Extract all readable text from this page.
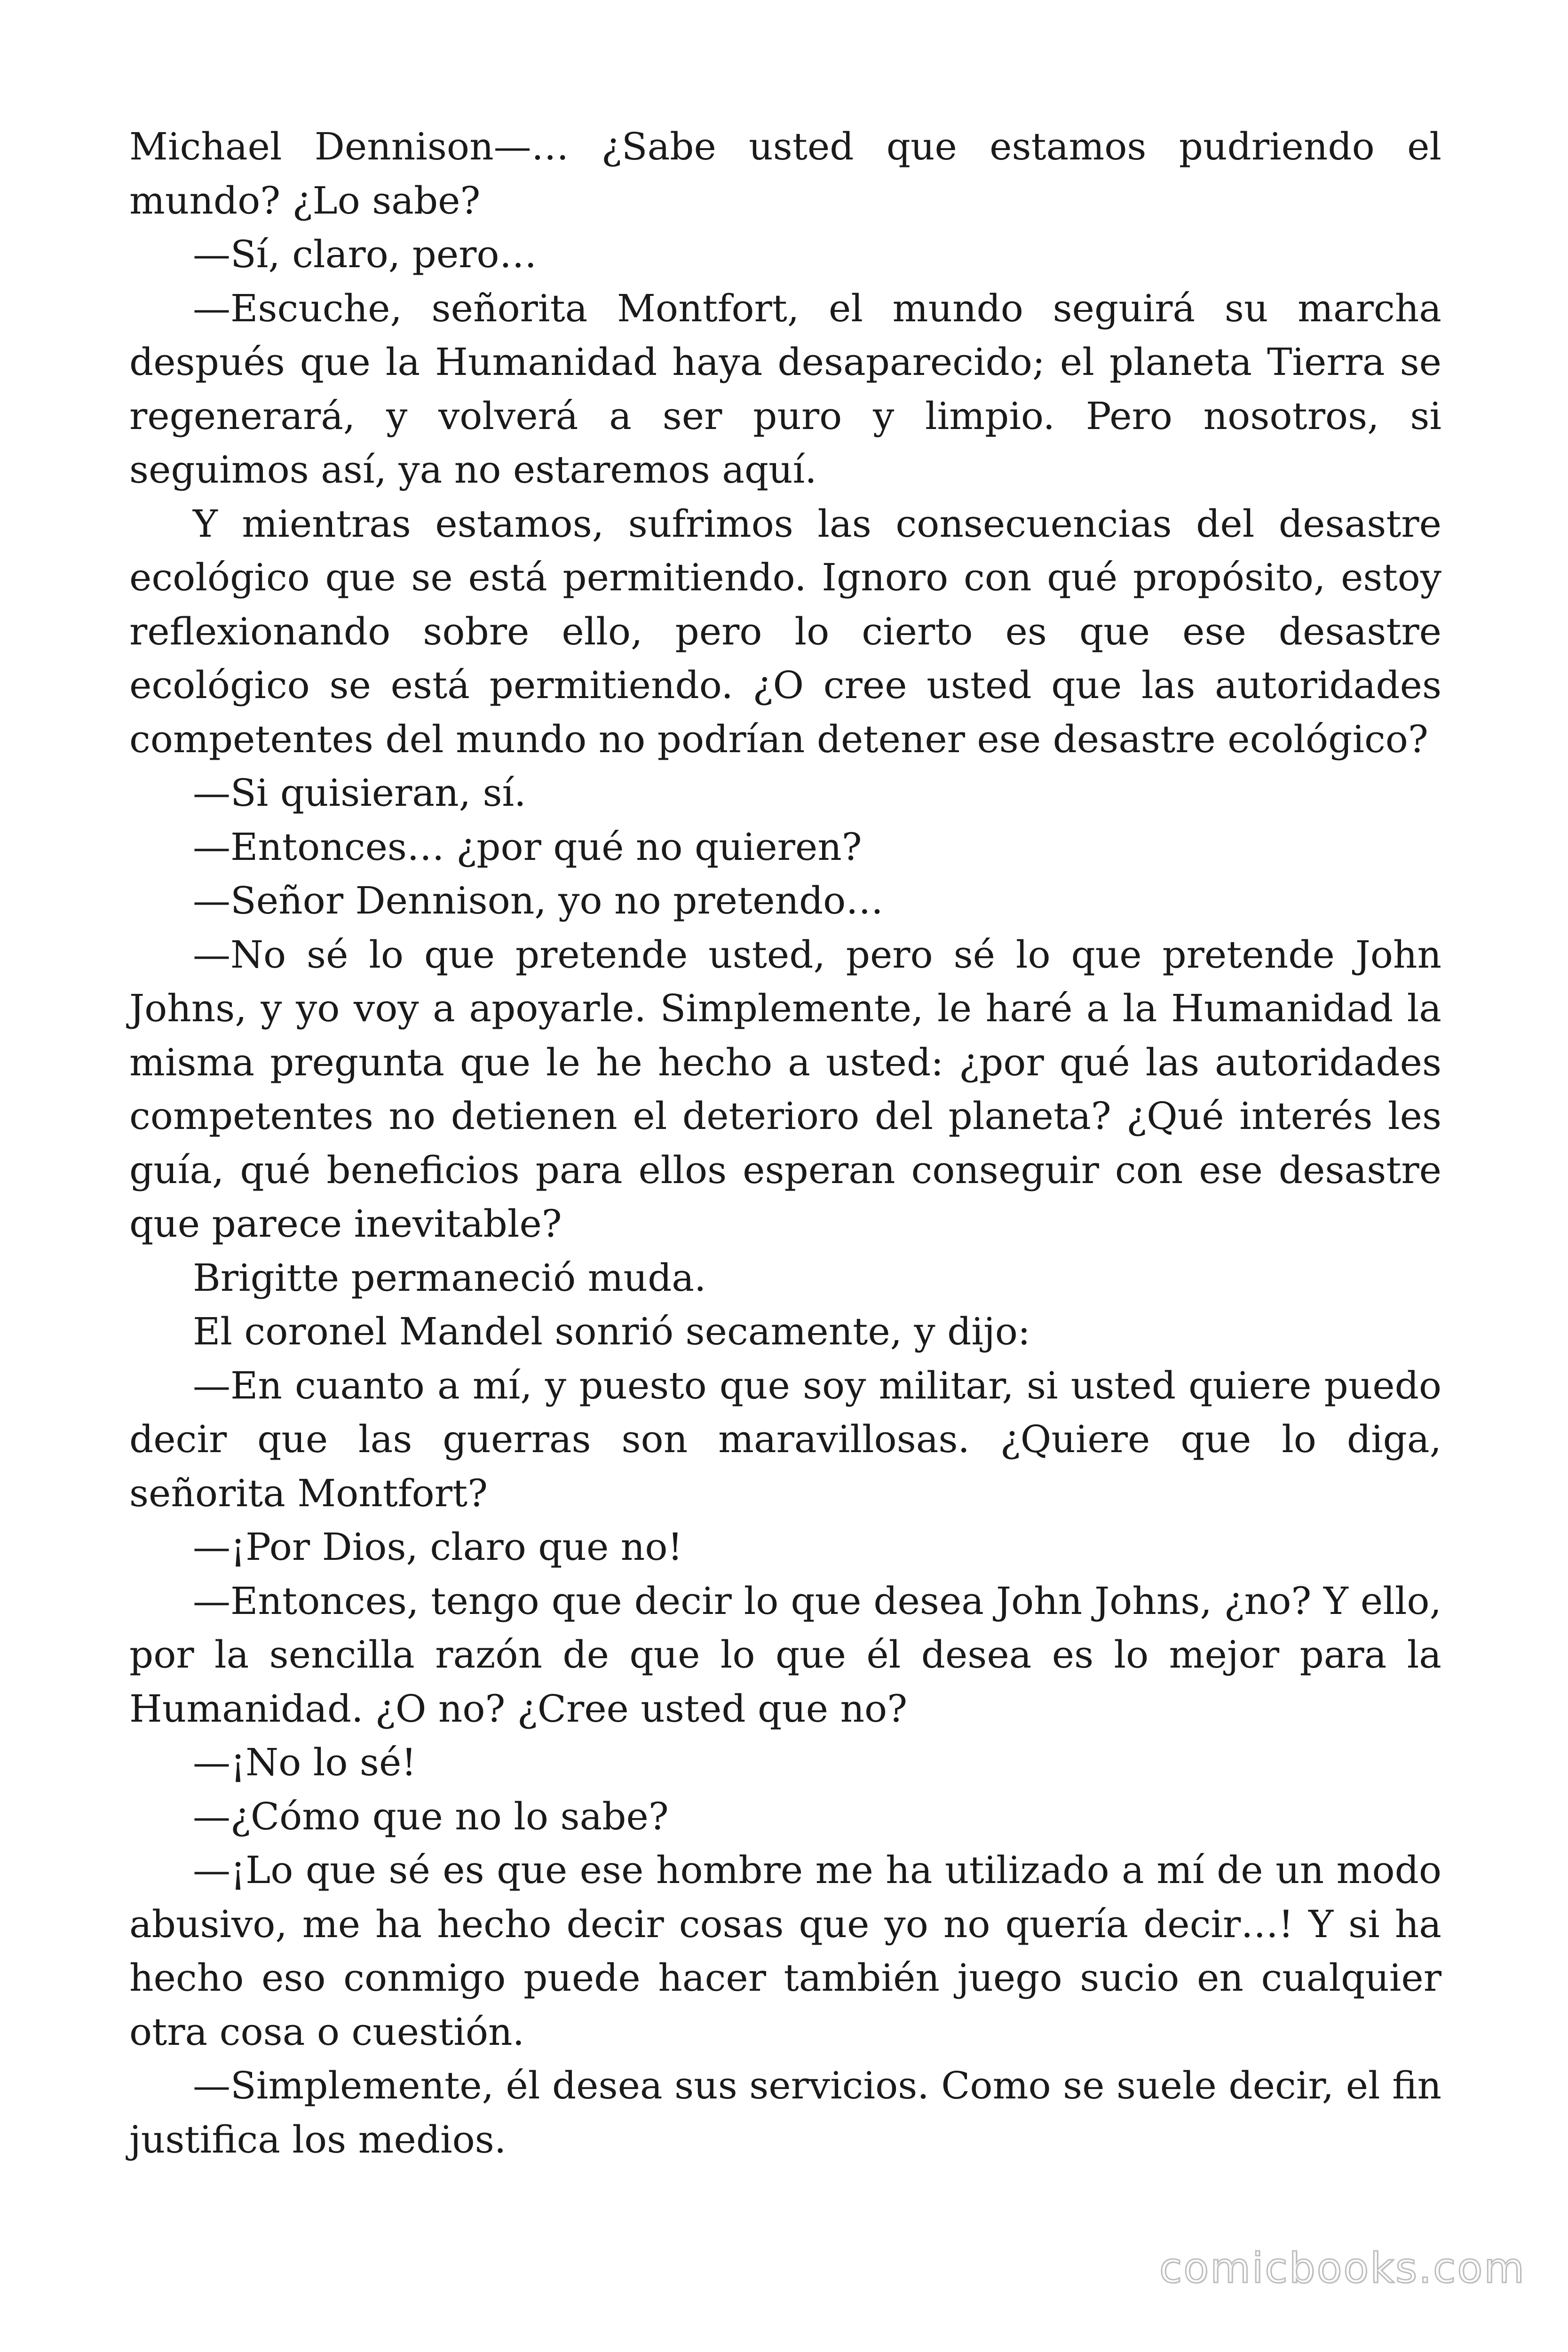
Michael Dennison—… ¿Sabe usted que estamos pudriendo el mundo? ¿Lo sabe?

—Sí, claro, pero…

—Escuche, señorita Montfort, el mundo seguirá su marcha después que la Humanidad haya desaparecido; el planeta Tierra se regenerará, y volverá a ser puro y limpio. Pero nosotros, si seguimos así, ya no estaremos aquí.

Y mientras estamos, sufrimos las consecuencias del desastre ecológico que se está permitiendo. Ignoro con qué propósito, estoy reflexionando sobre ello, pero lo cierto es que ese desastre ecológico se está permitiendo. ¿O cree usted que las autoridades competentes del mundo no podrían detener ese desastre ecológico?

—Si quisieran, sí.

—Entonces… ¿por qué no quieren?

—Señor Dennison, yo no pretendo…

—No sé lo que pretende usted, pero sé lo que pretende John Johns, y yo voy a apoyarle. Simplemente, le haré a la Humanidad la misma pregunta que le he hecho a usted: ¿por qué las autoridades competentes no detienen el deterioro del planeta? ¿Qué interés les guía, qué beneficios para ellos esperan conseguir con ese desastre que parece inevitable?

Brigitte permaneció muda.

El coronel Mandel sonrió secamente, y dijo:

—En cuanto a mí, y puesto que soy militar, si usted quiere puedo decir que las guerras son maravillosas. ¿Quiere que lo diga, señorita Montfort?

—¡Por Dios, claro que no!

—Entonces, tengo que decir lo que desea John Johns, ¿no? Y ello, por la sencilla razón de que lo que él desea es lo mejor para la Humanidad. ¿O no? ¿Cree usted que no?

—¡No lo sé!

—¿Cómo que no lo sabe?

—¡Lo que sé es que ese hombre me ha utilizado a mí de un modo abusivo, me ha hecho decir cosas que yo no quería decir…! Y si ha hecho eso conmigo puede hacer también juego sucio en cualquier otra cosa o cuestión.

—Simplemente, él desea sus servicios. Como se suele decir, el fin justifica los medios.

comicbooks.com
